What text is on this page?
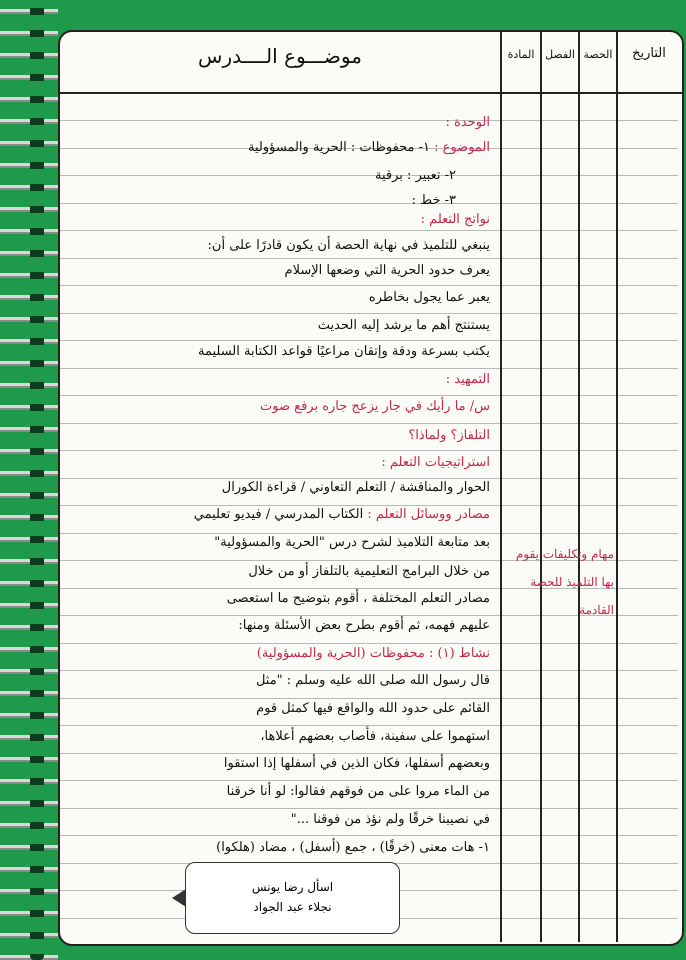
موضـــوع الــــدرس	المادة الفصل الحصة	التاريخ
الوحدة :
الموضوع : ١- محفوظات : الحرية والمسؤولية
٢- تعبير : برقية
٣- خط :
نواتج التعلم :
ينبغي للتلميذ في نهاية الحصة أن يكون قادرًا على أن:
يعرف حدود الحرية التي وضعها الإسلام
يعبر عما يجول بخاطره
يستنتج أهم ما يرشد إليه الحديث
يكتب بسرعة ودقة وإتقان مراعيًا قواعد الكتابة السليمة
التمهيد :
س/ ما رأيك في جار يزعج جاره برفع صوت
التلفاز؟ ولماذا؟
استراتيجيات التعلم :
الحوار والمناقشة / التعلم التعاوني / قراءة الكورال
مصادر ووسائل التعلم : الكتاب المدرسي / فيديو تعليمي
بعد متابعة التلاميذ لشرح درس "الحرية والمسؤولية"
من خلال البرامج التعليمية بالتلفاز أو من خلال
مصادر التعلم المختلفة ، أقوم بتوضيح ما استعصى
عليهم فهمه، ثم أقوم بطرح بعض الأسئلة ومنها:
نشاط (١) : محفوظات (الحرية والمسؤولية)
قال رسول الله صلى الله عليه وسلم : "مثل
القائم على حدود الله والواقع فيها كمثل قوم
استهموا على سفينة، فأصاب بعضهم أعلاها،
وبعضهم أسفلها، فكان الذين في أسفلها إذا استقوا
من الماء مروا على من فوقهم فقالوا: لو أنا خرقنا
في نصيبنا خرقًا ولم نؤذ من فوقنا ..."
١- هات معنى (خرقًا) ، جمع (أسفل) ، مضاد (هلكوا)
مهام وتكليفات يقوم بها التلميذ للحصة القادمة
اسأل رضا يونس
نجلاء عبد الجواد
